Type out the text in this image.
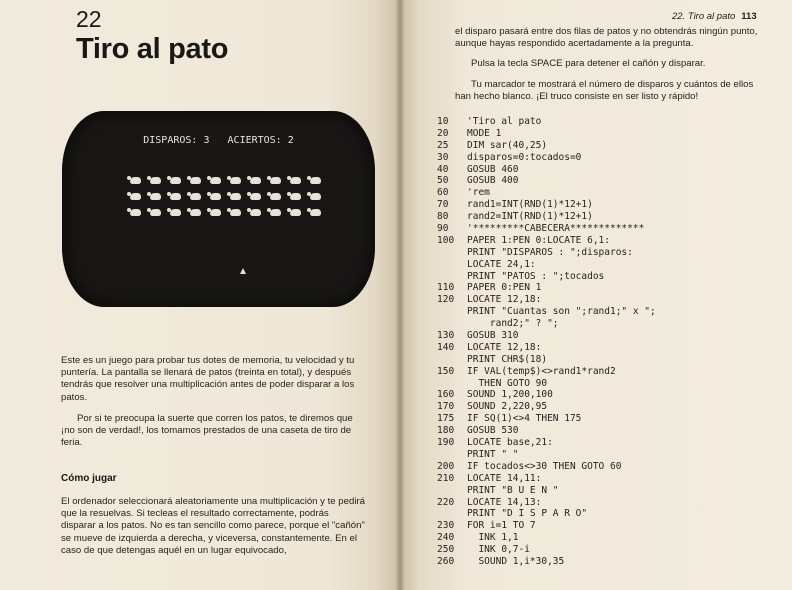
22
Tiro al pato
DISPAROS: 3   ACIERTOS: 2

Este es un juego para probar tus dotes de memoria, tu velocidad y tu puntería. La pantalla se llenará de patos (treinta en total), y después tendrás que resolver una multiplicación antes de poder disparar a los patos.

Por si te preocupa la suerte que corren los patos, te diremos que ¡no son de verdad!, los tomamos prestados de una caseta de tiro de feria.

Cómo jugar
El ordenador seleccionará aleatoriamente una multiplicación y te pedirá que la resuelvas. Si tecleas el resultado correctamente, podrás disparar a los patos. No es tan sencillo como parece, porque el "cañón" se mueve de izquierda a derecha, y viceversa, constantemente. En el caso de que detengas aquél en un lugar equivocado,
22. Tiro al pato 113
el disparo pasará entre dos filas de patos y no obtendrás ningún punto, aunque hayas respondido acertadamente a la pregunta.
Pulsa la tecla SPACE para detener el cañón y disparar.
Tu marcador te mostrará el número de disparos y cuántos de ellos han hecho blanco. ¡El truco consiste en ser listo y rápido!
10	'Tiro al pato
20	MODE 1
25	DIM sar(40,25)
30	disparos=0:tocados=0
40	GOSUB 460
50	GOSUB 400
60	'rem
70	rand1=INT(RND(1)*12+1)
80	rand2=INT(RND(1)*12+1)
90	'*********CABECERA*************
100	PAPER 1:PEN 0:LOCATE 6,1:
PRINT "DISPAROS : ";disparos:
LOCATE 24,1:
PRINT "PATOS : ";tocados
110	PAPER 0:PEN 1
120	LOCATE 12,18:
PRINT "Cuantas son ";rand1;" x ";
rand2;" ? ";
130	GOSUB 310
140	LOCATE 12,18:
PRINT CHR$(18)
150	IF VAL(temp$)<>rand1*rand2
THEN GOTO 90
160	SOUND 1,200,100
170	SOUND 2,220,95
175	IF SQ(1)<>4 THEN 175
180	GOSUB 530
190	LOCATE base,21:
PRINT " "
200	IF tocados<>30 THEN GOTO 60
210	LOCATE 14,11:
PRINT "B U E N "
220	LOCATE 14,13:
PRINT "D I S P A R O"
230	FOR i=1 TO 7
240	INK 1,1
250	INK 0,7-i
260	SOUND 1,i*30,35
